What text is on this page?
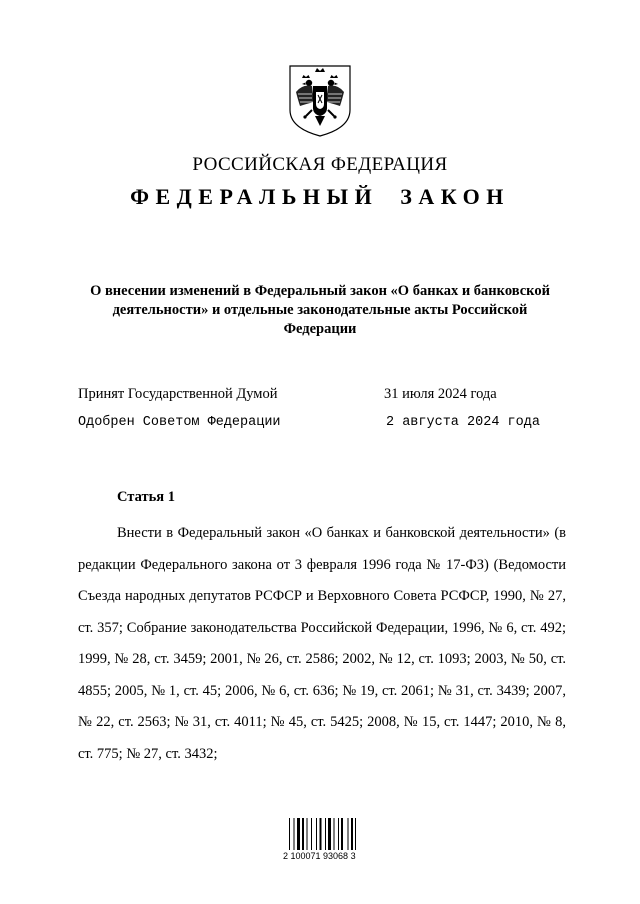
РОССИЙСКАЯ ФЕДЕРАЦИЯ
ФЕДЕРАЛЬНЫЙ ЗАКОН
О внесении изменений в Федеральный закон «О банках и банковской деятельности» и отдельные законодательные акты Российской Федерации
Принят Государственной Думой	31 июля 2024 года
Одобрен Советом Федерации	2 августа 2024 года
Статья 1
Внести в Федеральный закон «О банках и банковской деятельности» (в редакции Федерального закона от 3 февраля 1996 года № 17-ФЗ) (Ведомости Съезда народных депутатов РСФСР и Верховного Совета РСФСР, 1990, № 27, ст. 357; Собрание законодательства Российской Федерации, 1996, № 6, ст. 492; 1999, № 28, ст. 3459; 2001, № 26, ст. 2586; 2002, № 12, ст. 1093; 2003, № 50, ст. 4855; 2005, № 1, ст. 45; 2006, № 6, ст. 636; № 19, ст. 2061; № 31, ст. 3439; 2007, № 22, ст. 2563; № 31, ст. 4011; № 45, ст. 5425; 2008, № 15, ст. 1447; 2010, № 8, ст. 775; № 27, ст. 3432;
2 100071 93068 3
